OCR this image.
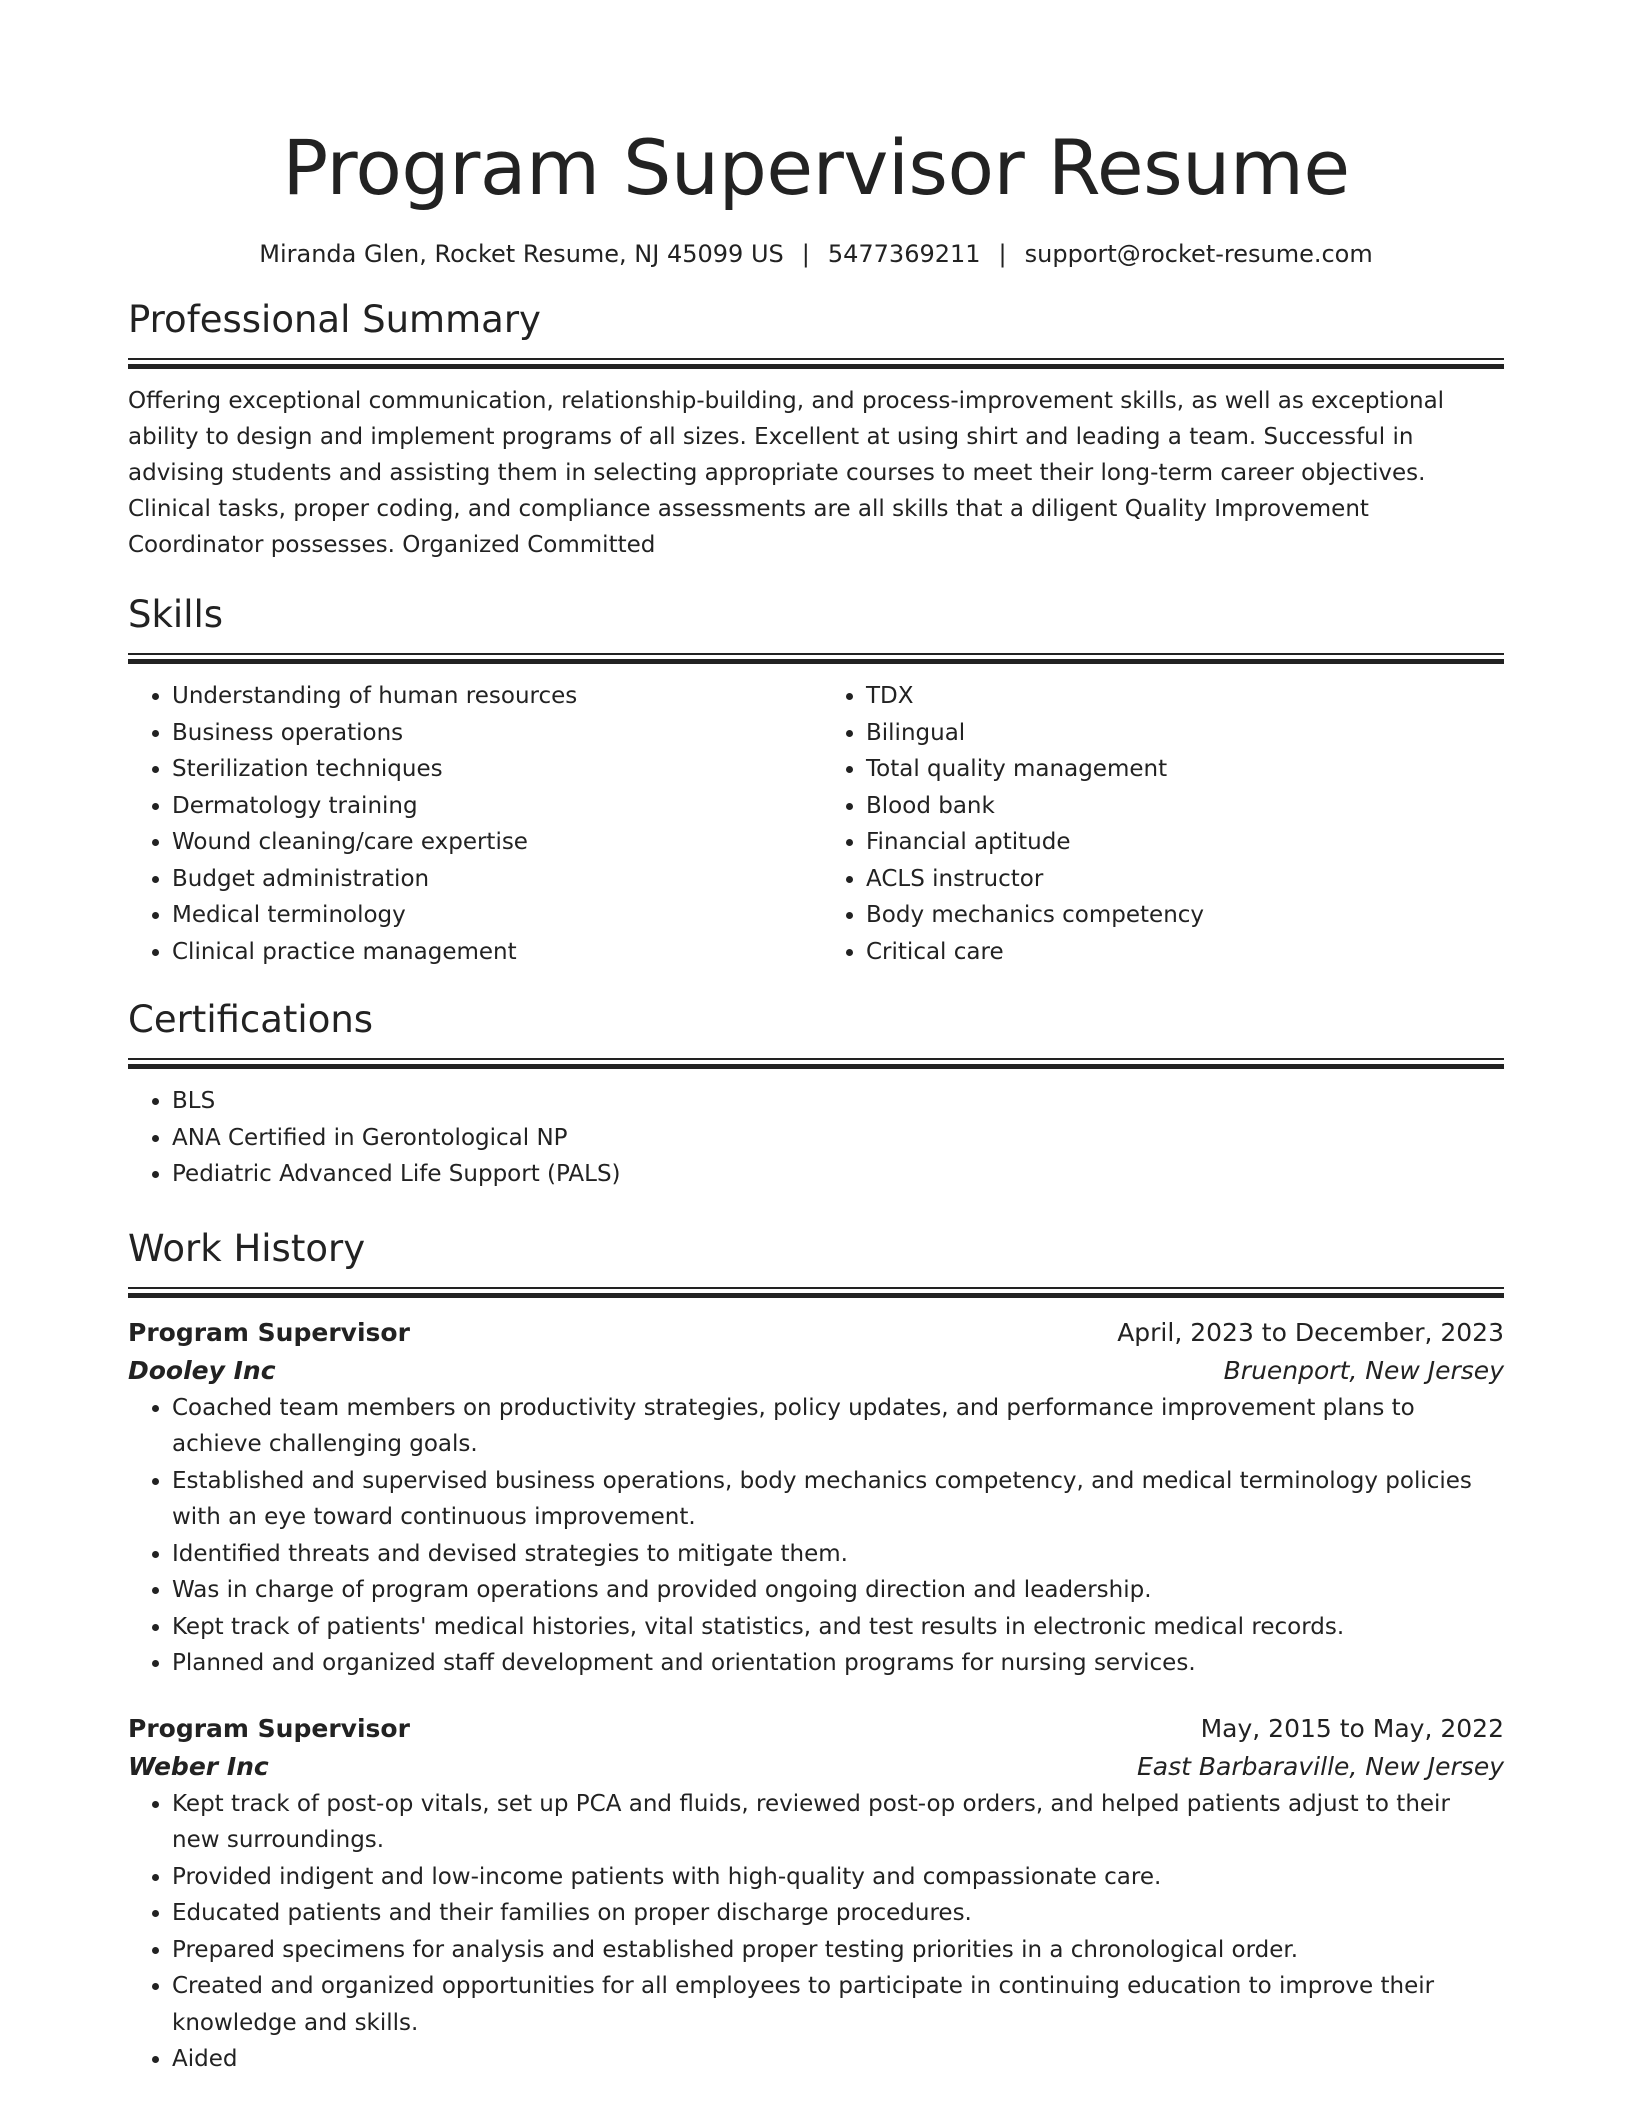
Program Supervisor Resume
Miranda Glen, Rocket Resume, NJ 45099 US | 5477369211 | support@rocket-resume.com
Professional Summary

Offering exceptional communication, relationship-building, and process-improvement skills, as well as exceptional ability to design and implement programs of all sizes. Excellent at using shirt and leading a team. Successful in advising students and assisting them in selecting appropriate courses to meet their long-term career objectives. Clinical tasks, proper coding, and compliance assessments are all skills that a diligent Quality Improvement Coordinator possesses. Organized Committed

Skills
• Understanding of human resources
• Business operations
• Sterilization techniques
• Dermatology training
• Wound cleaning/care expertise
• Budget administration
• Medical terminology
• Clinical practice management
• TDX
• Bilingual
• Total quality management
• Blood bank
• Financial aptitude
• ACLS instructor
• Body mechanics competency
• Critical care
Certifications
• BLS
• ANA Certified in Gerontological NP
• Pediatric Advanced Life Support (PALS)
Work History
Program Supervisor	April, 2023 to December, 2023
Dooley Inc	Bruenport, New Jersey
• Coached team members on productivity strategies, policy updates, and performance improvement plans to achieve challenging goals.
• Established and supervised business operations, body mechanics competency, and medical terminology policies with an eye toward continuous improvement.
• Identified threats and devised strategies to mitigate them.
• Was in charge of program operations and provided ongoing direction and leadership.
• Kept track of patients' medical histories, vital statistics, and test results in electronic medical records.
• Planned and organized staff development and orientation programs for nursing services.
Program Supervisor	May, 2015 to May, 2022
Weber Inc	East Barbaraville, New Jersey
• Kept track of post-op vitals, set up PCA and fluids, reviewed post-op orders, and helped patients adjust to their new surroundings.
• Provided indigent and low-income patients with high-quality and compassionate care.
• Educated patients and their families on proper discharge procedures.
• Prepared specimens for analysis and established proper testing priorities in a chronological order.
• Created and organized opportunities for all employees to participate in continuing education to improve their knowledge and skills.
• Aided
